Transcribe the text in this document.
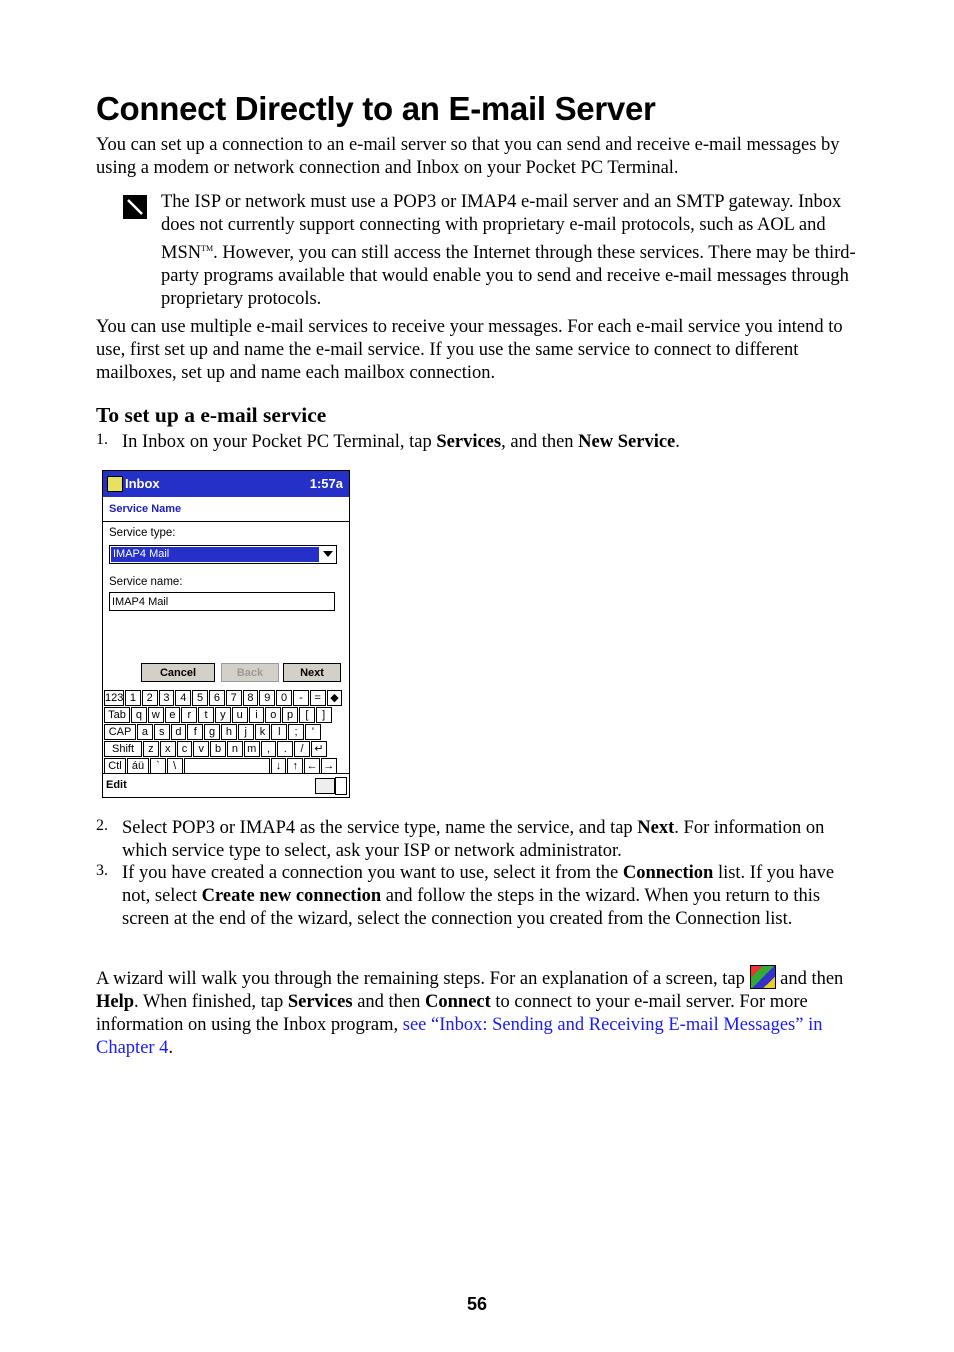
Connect Directly to an E-mail Server

You can set up a connection to an e-mail server so that you can send and receive e-mail messages by using a modem or network connection and Inbox on your Pocket PC Terminal.

The ISP or network must use a POP3 or IMAP4 e-mail server and an SMTP gateway. Inbox does not currently support connecting with proprietary e-mail protocols, such as AOL and MSN™. However, you can still access the Internet through these services. There may be third-party programs available that would enable you to send and receive e-mail messages through proprietary protocols.

You can use multiple e-mail services to receive your messages. For each e-mail service you intend to use, first set up and name the e-mail service. If you use the same service to connect to different mailboxes, set up and name each mailbox connection.

To set up a e-mail service
1. In Inbox on your Pocket PC Terminal, tap Services, and then New Service.

Inbox	1:57a
Service Name
Service type:
IMAP4 Mail
Service name:
IMAP4 Mail
Cancel	Back	Next
123 1 2 3 4 5 6 7 8 9 0	-	= ◆
Tab q w e	r	t	y u	i	o p	[	]
CAP a s d	f	g h	j	k	l	;	'
Shift	z	x	c	v b n m ,	.	/ ↵
Ctl áü	`	\	↓	↑ ← →
Edit
2. Select POP3 or IMAP4 as the service type, name the service, and tap Next. For information on which service type to select, ask your ISP or network administrator.

3. If you have created a connection you want to use, select it from the Connection list. If you have not, select Create new connection and follow the steps in the wizard. When you return to this screen at the end of the wizard, select the connection you created from the Connection list.

A wizard will walk you through the remaining steps. For an explanation of a screen, tap  and then Help. When finished, tap Services and then Connect to connect to your e-mail server. For more information on using the Inbox program, see “Inbox: Sending and Receiving E-mail Messages” in Chapter 4.

56
